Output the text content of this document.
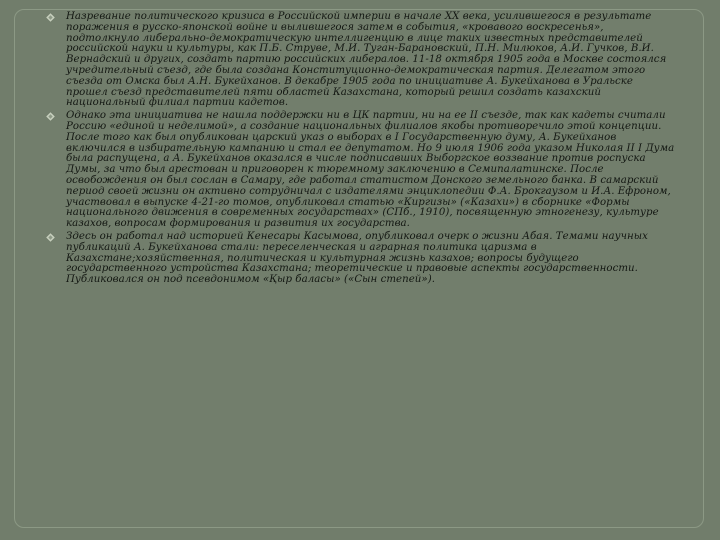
Назревание политического кризиса в Российской империи в начале XX века, усилившегося в результате поражения в русско-японской войне и вылившегося затем в события, «кровавого воскресенья», подтолкнуло либерально-демократическую интеллигенцию в лице таких известных представителей российской науки и культуры, как П.Б. Струве, М.И. Туган-Барановский, П.Н. Милюков, А.И. Гучков, В.И. Вернадский и других, создать партию российских либералов. 11-18 октября 1905 года в Москве состоялся учредительный съезд, где была создана Конституционно-демократическая партия. Делегатом этого съезда от Омска был А.Н. Букейханов. В декабре 1905 года по инициативе А. Букейханова в Уральске прошел съезд представителей пяти областей Казахстана, который решил создать казахский национальный филиал партии кадетов.

Однако эта инициатива не нашла поддержки ни в ЦК партии, ни на ее II съезде, так как кадеты считали Россию «единой и неделимой», а создание национальных филиалов якобы противоречило этой концепции. После того как был опубликован царский указ о выборах в I Государственную думу, А. Букейханов включился в избирательную кампанию и стал ее депутатом. Но 9 июля 1906 года указом Николая II I Дума была распущена, а А. Букейханов оказался в числе подписавших Выборгское воззвание против роспуска Думы, за что был арестован и приговорен к тюремному заключению в Семипалатинске. После освобождения он был сослан в Самару, где работал статистом Донского земельного банка. В самарский период своей жизни он активно сотрудничал с издателями энциклопедии Ф.А. Брокгаузом и И.А. Ефроном, участвовал в выпуске 4-21-го томов, опубликовал статью «Киргизы» («Казахи») в сборнике «Формы национального движения в современных государствах» (СПб., 1910), посвященную этногенезу, культуре казахов, вопросам формирования и развития их государства.

Здесь он работал над историей Кенесары Касымова, опубликовал очерк о жизни Абая. Темами научных публикаций А. Букейханова стали: переселенческая и аграрная политика царизма в Казахстане;хозяйственная, политическая и культурная жизнь казахов; вопросы будущего государственного устройства Казахстана; теоретические и правовые аспекты государственности. Публиковался он под псевдонимом «Қыр баласы» («Сын степей»).
